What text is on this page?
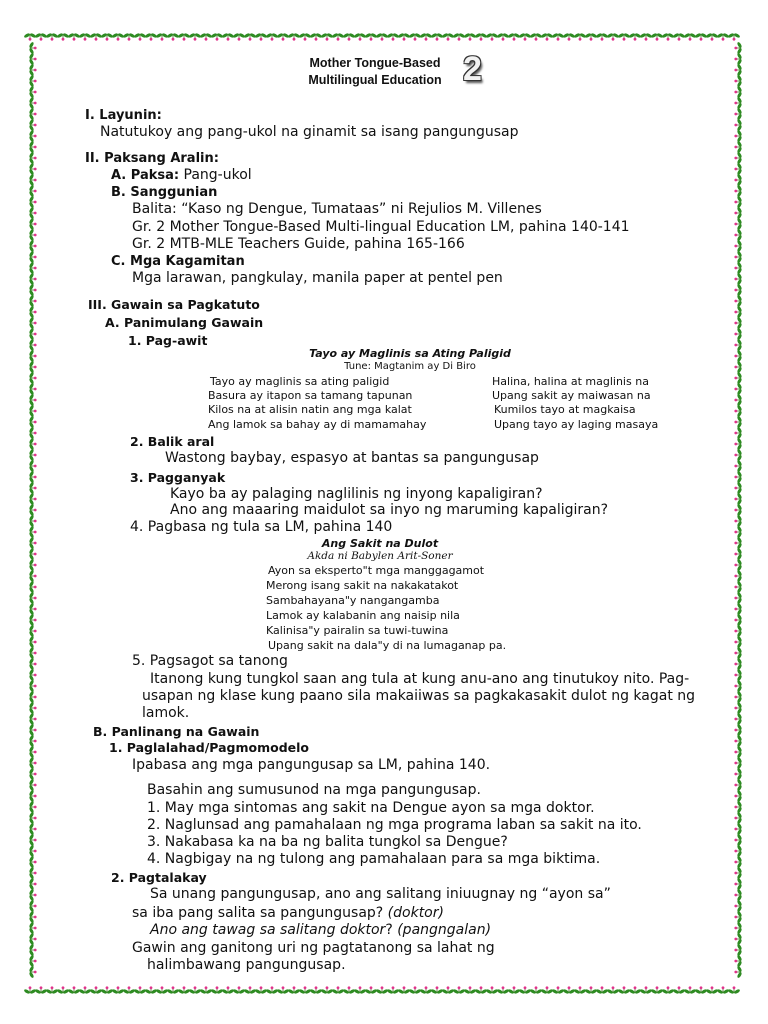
Mother Tongue-Based
Multilingual Education 2
I. Layunin:
Natutukoy ang pang-ukol na ginamit sa isang pangungusap
II. Paksang Aralin:
A. Paksa: Pang-ukol
B. Sanggunian
Balita: “Kaso ng Dengue, Tumataas” ni Rejulios M. Villenes
Gr. 2 Mother Tongue-Based Multi-lingual Education LM, pahina 140-141
Gr. 2 MTB-MLE Teachers Guide, pahina 165-166
C. Mga Kagamitan
Mga larawan, pangkulay, manila paper at pentel pen
III. Gawain sa Pagkatuto
A. Panimulang Gawain
1. Pag-awit
Tayo ay Maglinis sa Ating Paligid
Tune: Magtanim ay Di Biro
Tayo ay maglinis sa ating paligid
Basura ay itapon sa tamang tapunan
Kilos na at alisin natin ang mga kalat
Ang lamok sa bahay ay di mamamahay
Halina, halina at maglinis na
Upang sakit ay maiwasan na
Kumilos tayo at magkaisa
Upang tayo ay laging masaya
2. Balik aral
Wastong baybay, espasyo at bantas sa pangungusap
3. Pagganyak
Kayo ba ay palaging naglilinis ng inyong kapaligiran?
Ano ang maaaring maidulot sa inyo ng maruming kapaligiran?
4. Pagbasa ng tula sa LM, pahina 140
Ang Sakit na Dulot
Akda ni Babylen Arit-Soner
Ayon sa eksperto"t mga manggagamot
Merong isang sakit na nakakatakot
Sambahayana"y nangangamba
Lamok ay kalabanin ang naisip nila
Kalinisa"y pairalin sa tuwi-tuwina
Upang sakit na dala"y di na lumaganap pa.
5. Pagsagot sa tanong
Itanong kung tungkol saan ang tula at kung anu-ano ang tinutukoy nito. Pag-
usapan ng klase kung paano sila makaiiwas sa pagkakasakit dulot ng kagat ng
lamok.
B. Panlinang na Gawain
1. Paglalahad/Pagmomodelo
Ipabasa ang mga pangungusap sa LM, pahina 140.
Basahin ang sumusunod na mga pangungusap.
1. May mga sintomas ang sakit na Dengue ayon sa mga doktor.
2. Naglunsad ang pamahalaan ng mga programa laban sa sakit na ito.
3. Nakabasa ka na ba ng balita tungkol sa Dengue?
4. Nagbigay na ng tulong ang pamahalaan para sa mga biktima.
2. Pagtalakay
Sa unang pangungusap, ano ang salitang iniuugnay ng “ayon sa”
sa iba pang salita sa pangungusap? (doktor)
Ano ang tawag sa salitang doktor? (pangngalan)
Gawin ang ganitong uri ng pagtatanong sa lahat ng
halimbawang pangungusap.
